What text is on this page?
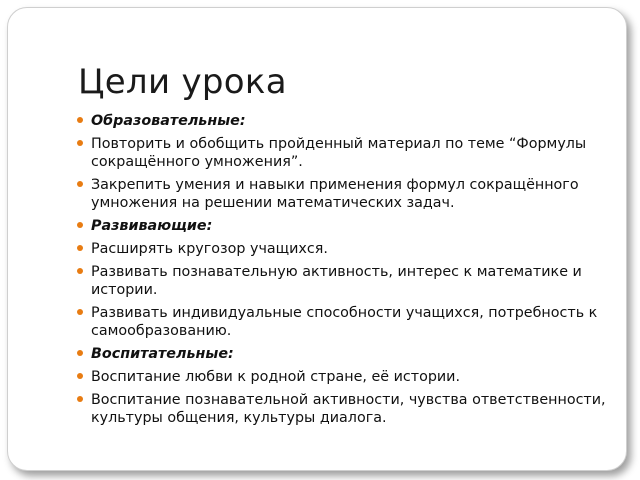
Цели урока
Образовательные:
Повторить и обобщить пройденный материал по теме “Формулы сокращённого умножения”.
Закрепить умения и навыки применения формул сокращённого умножения на решении математических задач.
Развивающие:
Расширять кругозор учащихся.
Развивать познавательную активность, интерес к математике и истории.
Развивать индивидуальные способности учащихся, потребность к самообразованию.
Воспитательные:
Воспитание любви к родной стране, её истории.
Воспитание познавательной активности, чувства ответственности, культуры общения, культуры диалога.
